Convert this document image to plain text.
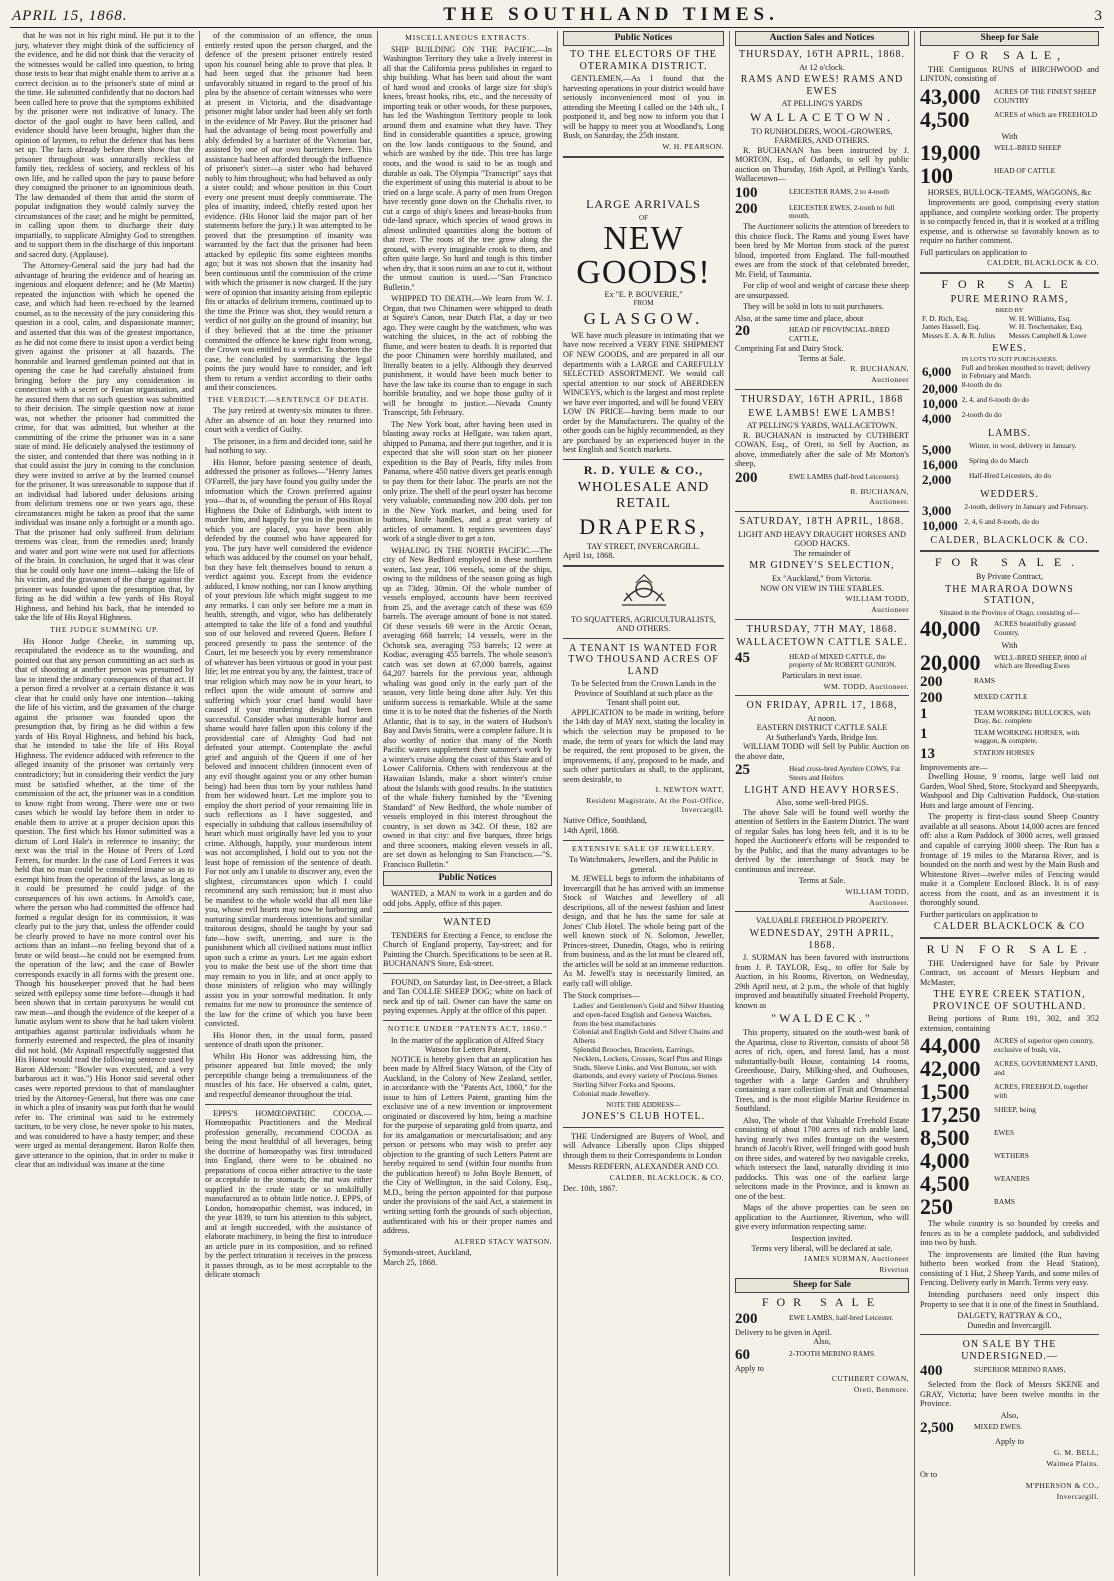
APRIL 15, 1868.	THE SOUTHLAND TIMES.	3

that he was not in his right mind. He put it to the jury, whatever they might think of the sufficiency of the evidence, and he did not think that the veracity of the witnesses would be called into question, to bring those tests to bear that might enable them to arrive at a correct decision as to the prisoner's state of mind at the time. He submitted confidently that no doctors had been called here to prove that the symptoms exhibited by the prisoner were not indicative of lunacy. The doctor of the gaol ought to have been called, and evidence should have been brought, higher than the opinion of laymen, to rebut the defence that has been set up. The facts already before them show that the prisoner throughout was unnaturally reckless of family ties, reckless of society, and reckless of his own life, and he called upon the jury to pause before they consigned the prisoner to an ignominious death. The law demanded of them that amid the storm of popular indignation they would calmly survey the circumstances of the case; and he might be permitted, in calling upon them to discharge their duty impartially, to supplicate Almighty God to strengthen and to support them in the discharge of this important and sacred duty. (Applause).

The Attorney-General said the jury had had the advantage of hearing the evidence and of hearing an ingenious and eloquent defence; and he (Mr Martin) repeated the injunction with which he opened the case, and which had been re-echoed by the learned counsel, as to the necessity of the jury considering this question in a cool, calm, and dispassionate manner; and asserted that this was of the greatest importance, as he did not come there to insist upon a verdict being given against the prisoner at all hazards. The honorable and learned gentleman pointed out that in opening the case he had carefully abstained from bringing before the jury any consideration in connection with a secret or Fenian organisation, and he assured them that no such question was submitted to their decision. The simple question now at issue was, not whether the prisoner had committed the crime, for that was admitted, but whether at the committing of the crime the prisoner was in a sane state of mind. He delicately analysed the testimony of the sister, and contended that there was nothing in it that could assist the jury in coming to the conclusion they were invited to arrive at by the learned counsel for the prisoner. It was unreasonable to suppose that if an individual had labored under delusions arising from delirium tremens one or two years ago, these circumstances might be taken as proof that the same individual was insane only a fortnight or a month ago. That the prisoner had only suffered from delirium tremens was clear, from the remedies used; brandy and water and port wine were not used for affections of the brain. In conclusion, he urged that it was clear that he could only have one intent—taking the life of his victim, and the gravamen of the charge against the prisoner was founded upon the presumption that, by firing as he did within a few yards of His Royal Highness, and behind his back, that he intended to take the life of His Royal Highness.

THE JUDGE SUMMING UP.

His Honor Judge Cheeke, in summing up, recapitulated the evidence as to the wounding, and pointed out that any person committing an act such as that of shooting at another person was presumed by law to intend the ordinary consequences of that act. If a person fired a revolver at a certain distance it was clear that he could only have one intention—taking the life of his victim, and the gravamen of the charge against the prisoner was founded upon the presumption that, by firing as he did within a few yards of His Royal Highness, and behind his back, that he intended to take the life of His Royal Highness. The evidence adduced with reference to the alleged insanity of the prisoner was certainly very contradictory; but in considering their verdict the jury must be satisfied whether, at the time of the commission of the act, the prisoner was in a condition to know right from wrong. There were one or two cases which he would lay before them in order to enable them to arrive at a proper decision upon this question. The first which his Honor submitted was a dictum of Lord Hale's in reference to insanity; the next was the trial in the House of Peers of Lord Ferrers, for murder. In the case of Lord Ferrers it was held that no man could be considered insane so as to exempt him from the operation of the laws, as long as it could be presumed he could judge of the consequences of his own actions. In Arnold's case, where the person who had committed the offence had formed a regular design for its commission, it was clearly put to the jury that, unless the offender could be clearly proved to have no more control over his actions than an infant—no feeling beyond that of a brute or wild beast—he could not be exempted from the operation of the law; and the case of Bowler corresponds exactly in all forms with the present one. Though his housekeeper proved that he had been seized with epilepsy some time before—though it had been shown that in certain paroxysms he would cut raw meat—and though the evidence of the keeper of a lunatic asylum went to show that he had taken violent antipathies against particular individuals whom he formerly esteemed and respected, the plea of insanity did not hold. (Mr Aspinall respectfully suggested that His Honor would read the following sentence used by Baron Alderson: "Bowler was executed, and a very barbarous act it was.") His Honor said several other cases were reported previous to that of manslaughter tried by the Attorney-General, but there was one case in which a plea of insanity was put forth that he would refer to. The criminal was said to be extremely taciturn, to be very close, he never spoke to his mates, and was considered to have a hasty temper; and these were urged as mental derangement. Baron Rolfe then gave utterance to the opinion, that in order to make it clear that an individual was insane at the time

of the commission of an offence, the onus entirely rested upon the person charged, and the defence of the present prisoner entirely rested upon his counsel being able to prove that plea. It had been urged that the prisoner had been unfavorably situated in regard to the proof of his plea by the absence of certain witnesses who were at present in Victoria, and the disadvantage prisoner might labor under had been ably set forth in the evidence of Mr Pavey. But the prisoner had had the advantage of being most powerfully and ably defended by a barrister of the Victorian bar, assisted by one of our own barristers here. This assistance had been afforded through the influence of prisoner's sister—a sister who had behaved nobly to him throughout; who had behaved as only a sister could; and whose position in this Court every one present must deeply commiserate. The plea of insanity, indeed, chiefly rested upon her evidence. (His Honor laid the major part of her statements before the jury.) It was attempted to be proved that the presumption of insanity was warranted by the fact that the prisoner had been attacked by epileptic fits some eighteen months ago; but it was not shown that the insanity had been continuous until the commission of the crime with which the prisoner is now charged. If the jury were of opinion that insanity arising from epileptic fits or attacks of delirium tremens, continued up to the time the Prince was shot, they would return a verdict of not guilty on the ground of insanity; but if they believed that at the time the prisoner committed the offence he knew right from wrong, the Crown was entitled to a verdict. To shorten the case, he concluded by summarising the legal points the jury would have to consider, and left them to return a verdict according to their oaths and their consciences.

THE VERDICT.—SENTENCE OF DEATH.

The jury retired at twenty-six minutes to three. After an absence of an hour they returned into court with a verdict of Guilty.

The prisoner, in a firm and decided tone, said he had nothing to say.

His Honor, before passing sentence of death, addressed the prisoner as follows—"Henry James O'Farrell, the jury have found you guilty under the information which the Crown preferred against you—that is, of wounding the person of His Royal Highness the Duke of Edinburgh, with intent to murder him, and happily for you in the position in which you are placed, you have been ably defended by the counsel who have appeared for you. The jury have well considered the evidence which was adduced by the counsel on your behalf, but they have felt themselves bound to return a verdict against you. Except from the evidence adduced, I know nothing, nor can I know anything of your previous life which might suggest to me any remarks. I can only see before me a man in health, strength, and vigor, who has deliberately attempted to take the life of a fond and youthful son of our beloved and revered Queen. Before I proceed presently to pass the sentence of the Court, let me beseech you by every remembrance of whatever has been virtuous or good in your past life; let me entreat you by any, the faintest, trace of true religion which may now be in your heart, to reflect upon the wide amount of sorrow and suffering which your cruel hand would have caused if your murdering design had been successful. Consider what unutterable horror and shame would have fallen upon this colony if the providential care of Almighty God had not defeated your attempt. Contemplate the awful grief and anguish of the Queen if one of her beloved and innocent children (innocent even of any evil thought against you or any other human being) had been thus torn by your ruthless hand from her widowed heart. Let me implore you to employ the short period of your remaining life in such reflections as I have suggested, and especially in subduing that callous insensibility of heart which must originally have led you to your crime. Although, happily, your murderous intent was not accomplished, I hold out to you not the least hope of remission of the sentence of death. For not only am I unable to discover any, even the slightest, circumstances upon which I could recommend any such remission; but it must also be manifest to the whole world that all men like you, whose evil hearts may now be harboring and nurturing similar murderous intentions and similar traitorous designs, should be taught by your sad fate—how swift, unerring, and sure is the punishment which all civilised nations must inflict upon such a crime as yours. Let me again exhort you to make the best use of the short time that may remain to you in life, and at once apply to those ministers of religion who may willingly assist you in your sorrowful meditation. It only remains for me now to pronounce the sentence of the law for the crime of which you have been convicted.

His Honor then, in the usual form, passed sentence of death upon the prisoner.

Whilst His Honor was addressing him, the prisoner appeared but little moved; the only perceptible change being a tremulousness of the muscles of his face. He observed a calm, quiet, and respectful demeanor throughout the trial.

EPPS'S HOMŒOPATHIC COCOA.— Homœopathic Practitioners and the Medical profession generally, recommend COCOA as being the most healthful of all beverages, being the doctrine of homœopathy was first introduced into England, there were to be obtained no preparations of cocoa either attractive to the taste or acceptable to the stomach; the nut was either supplied in the crude state or so unskilfully manufactured as to obtain little notice. J. EPPS, of London, homœopathic chemist, was induced, in the year 1839, to turn his attention to this subject, and at length succeeded, with the assistance of elaborate machinery, in being the first to introduce an article pure in its composition, and so refined by the perfect trituration it receives in the process it passes through, as to be most acceptable to the delicate stomach

MISCELLANEOUS EXTRACTS.

SHIP BUILDING ON THE PACIFIC.—In Washington Territory they take a lively interest in all that the California press publishes in regard to ship building. What has been said about the want of hard wood and crooks of large size for ship's knees, breast hooks, ribs, etc., and the necessity of importing teak or other woods, for these purposes, has led the Washington Territory people to look around them and examine what they have. They find in considerable quantities a spruce, growing on the low lands contiguous to the Sound, and which are washed by the tide. This tree has large roots, and the wood is said to be as tough and durable as oak. The Olympia "Transcript" says that the experiment of using this material is about to be tried on a large scale. A party of men from Oregon have recently gone down on the Chehalis river, to cut a cargo of ship's knees and breast-hooks from tide-land spruce, which species of wood grows in almost unlimited quantities along the bottom of that river. The roots of the tree grow along the ground, with every imaginable crook to them, and often quite large. So hard and tough is this timber when dry, that it soon ruins an axe to cut it, without the utmost caution is used.—"San Francisco Bulletin."

WHIPPED TO DEATH.—We learn from W. J. Organ, that two Chinamen were whipped to death at Squire's Canon, near Dutch Flat, a day or two ago. They were caught by the watchmen, who was watching the sluices, in the act of robbing the flume, and were beaten to death. It is reported that the poor Chinamen were horribly mutilated, and literally beaten to a jelly. Although they deserved punishment, it would have been much better to have the law take its course than to engage in such horrible brutality, and we hope those guilty of it will be brought to justice.—Nevada County Transcript, 5th February.

The New York boat, after having been used in blasting away rocks at Hellgate, was taken apart, shipped to Panama, and there put together, and it is expected that she will soon start on her pioneer expedition to the Bay of Pearls, fifty miles from Panama, where 450 native divers get pearls enough to pay them for their labor. The pearls are not the only prize. The shell of the pearl oyster has become very valuable, commanding now 200 dols. per ton in the New York market, and being used for buttons, knife handles, and a great variety of articles of ornament. It requires seventeen days' work of a single diver to get a ton.

WHALING IN THE NORTH PACIFIC.—The city of New Bedford employed in these northern waters, last year, 106 vessels, some of the ships, owing to the mildness of the season going as high up as 73deg. 30min. Of the whole number of vessels employed, accounts have been received from 25, and the average catch of these was 659 barrels. The average amount of bone is not stated. Of these vessels 69 were in the Arctic Ocean, averaging 668 barrels; 14 vessels, were in the Ochotsk sea, averaging 753 barrels; 12 were at Kodiac, averaging 455 barrels. The whole season's catch was set down at 67,000 barrels, against 64,207 barrels for the previous year, although whaling was good only in the early part of the season, very little being done after July. Yet this uniform success is remarkable. While at the same time it is to be noted that the fisheries of the North Atlantic, that is to say, in the waters of Hudson's Bay and Davis Straits, were a complete failure. It is also worthy of notice that many of the North Pacific waters supplement their summer's work by a winter's cruise along the coast of this State and of Lower California. Others with rendezvous at the Hawaiian Islands, make a short winter's cruise about the Islands with good results. In the statistics of the whale fishery furnished by the "Evening Standard" of New Bedford, the whole number of vessels employed in this interest throughout the country, is set down as 342. Of these, 182 are owned in that city: and five barques, three brigs and three scooners, making eleven vessels in all, are set down as belonging to San Francisco.—"S. Francisco Bulletin."

Public Notices

WANTED, a MAN to work in a garden and do odd jobs. Apply, office of this paper.

WANTED

TENDERS for Erecting a Fence, to enclose the Church of England property, Tay-street; and for Painting the Church. Specifications to be seen at R. BUCHANAN'S Store, Esk-street.

FOUND, on Saturday last, in Dee-street, a Black and Tan COLLIE SHEEP DOG; white on back of neck and tip of tail. Owner can have the same on paying expenses. Apply at the office of this paper.

NOTICE UNDER "PATENTS ACT, 1860."
In the matter of the application of Alfred Stacy Watson for Letters Patent.

NOTICE is hereby given that an application has been made by Alfred Stacy Watson, of the City of Auckland, in the Colony of New Zealand, settler, in accordance with the "Patents Act, 1860," for the issue to him of Letters Patent, granting him the exclusive use of a new invention or improvement originated or discovered by him, being a machine for the purpose of separating gold from quartz, and for its amalgamation or mercurialisation; and any person or persons who may wish to prefer any objection to the granting of such Letters Patent are hereby required to send (within four months from the publication hereof) to John Boyle Bennett, of the City of Wellington, in the said Colony, Esq., M.D., being the person appointed for that purpose under the provisions of the said Act, a statement in writing setting forth the grounds of such objection, authenticated with his or their proper names and address.

ALFRED STACY WATSON.
Symonds-street, Auckland,
March 25, 1868.
Public Notices
TO THE ELECTORS OF THE OTERAMIKA DISTRICT.

GENTLEMEN,—As I found that the harvesting operations in your district would have seriously inconvenienced most of you in attending the Meeting I called on the 14th ult., I postponed it, and beg now to inform you that I will be happy to meet you at Woodland's, Long Bush, on Saturday, the 25th instant.

W. H. PEARSON.
LARGE ARRIVALS
OF
NEW GOODS!
Ex "E. P. BOUVERIE,"
FROM
GLASGOW.

WE have much pleasure in intimating that we have now received a VERY FINE SHIPMENT OF NEW GOODS, and are prepared in all our departments with a LARGE and CAREFULLY SELECTED ASSORTMENT. We would call special attention to our stock of ABERDEEN WINCEYS, which is the largest and most replete we have ever imported, and will be found VERY LOW IN PRICE—having been made to our order by the Manufacturers. The quality of the other goods can be highly recommended, as they are purchased by an experienced buyer in the best English and Scotch markets.

R. D. YULE & CO.,
WHOLESALE AND RETAIL
DRAPERS,
TAY STREET, INVERCARGILL.
April 1st, 1868.
TO SQUATTERS, AGRICULTURALISTS, AND OTHERS.
A TENANT IS WANTED FOR TWO THOUSAND ACRES OF LAND
To be Selected from the Crown Lands in the Province of Southland at such place as the Tenant shall point out.

APPLICATION to be made in writing, before the 14th day of MAY next, stating the locality in which the selection may be proposed to be made, the term of years for which the land may be required, the rent proposed to be given, the improvements, if any, proposed to be made, and such other particulars as shall, to the applicant, seem desirable, to

I. NEWTON WATT,
Resident Magistrate, At the Post-Office, Invercargill.
Native Office, Southland,
14th April, 1868.
EXTENSIVE SALE OF JEWELLERY.
To Watchmakers, Jewellers, and the Public in general.

M. JEWELL begs to inform the inhabitants of Invercargill that he has arrived with an immense Stock of Watches and Jewellery of all descriptions, all of the newest fashion and latest design, and that he has the same for sale at Jones' Club Hotel. The whole being part of the well known stock of N. Solomon, Jeweller, Princes-street, Dunedin, Otago, who is retiring from business, and as the lot must be cleared off, the articles will be sold at an immense reduction. As M. Jewell's stay is necessarily limited, an early call will oblige.

The Stock comprises—
Ladies' and Gentlemen's Gold and Silver Hunting and open-faced English and Geneva Watches, from the best manufactures
Colonial and English Gold and Silver Chains and Alberts
Splendid Brooches, Bracelets, Earrings, Necklets, Lockets, Crosses, Scarf Pins and Rings
Studs, Sleeve Links, and Vest Buttons, set with diamonds, and every variety of Precious Stones
Sterling Silver Forks and Spoons.
Colonial made Jewellery.
NOTE THE ADDRESS—
JONES'S CLUB HOTEL.

THE Undersigned are Buyers of Wool, and will Advance Liberally upon Clips shipped through them to their Correspondents in London

Messrs REDFERN, ALEXANDER AND CO.
CALDER, BLACKLOCK, & CO.
Dec. 10th, 1867.
Auction Sales and Notices
THURSDAY, 16TH APRIL, 1868.
At 12 o'clock.
RAMS AND EWES! RAMS AND EWES
AT PELLING'S YARDS
WALLACETOWN.
TO RUNHOLDERS, WOOL-GROWERS, FARMERS, AND OTHERS.

R. BUCHANAN has been instructed by J. MORTON, Esq., of Oatlands, to sell by public auction on Thursday, 16th April, at Pelling's Yards, Wallacetown—

100	LEICESTER RAMS, 2 to 4-tooth
200	LEICESTER EWES, 2-tooth to full mouth.

The Auctioneer solicits the attention of breeders to this choice flock. The Rams and young Ewes have been bred by Mr Morton from stock of the purest blood, imported from England. The full-mouthed ewes are from the stock of that celebrated breeder, Mr. Field, of Tasmania.

For clip of wool and weight of carcase these sheep are unsurpassed.

They will be sold in lots to suit purchasers.

Also, at the same time and place, about
20	HEAD OF PROVINCIAL-BRED CATTLE,
Comprising Fat and Dairy Stock.
Terms at Sale.
R. BUCHANAN,
Auctioneer
THURSDAY, 16TH APRIL, 1868
EWE LAMBS! EWE LAMBS!
AT PELLING'S YARDS, WALLACETOWN.

R. BUCHANAN is instructed by CUTHBERT COWAN, Esq., of Oreti, to Sell by Auction, as above, immediately after the sale of Mr Morton's sheep,

200	EWE LAMBS (half-bred Leicesters).
R. BUCHANAN,
Auctioneer.
SATURDAY, 18TH APRIL, 1868.
LIGHT AND HEAVY DRAUGHT HORSES AND GOOD HACKS.
The remainder of
MR GIDNEY'S SELECTION,
Ex "Auckland," from Victoria.
NOW ON VIEW IN THE STABLES.
WILLIAM TODD,
Auctioneer
THURSDAY, 7TH MAY, 1868.
WALLACETOWN CATTLE SALE.
45	HEAD of MIXED CATTLE, the property of Mr ROBERT GUNION.
Particulars in next issue.
WM. TODD, Auctioneer.
ON FRIDAY, APRIL 17, 1868,
At noon.
EASTERN DISTRICT CATTLE SALE
At Sutherland's Yards, Bridge Inn.

WILLIAM TODD will Sell by Public Auction on the above date,

25	Head cross-bred Ayrshire COWS, Fat Steers and Heifers
LIGHT AND HEAVY HORSES.
Also, some well-bred PIGS.

The above Sale will be found well worthy the attention of Settlers in the Eastern District. The want of regular Sales has long been felt, and it is to be hoped the Auctioneer's efforts will be responded to by the Public, and that the many advantages to be derived by the interchange of Stock may be continuous and increase.

Terms at Sale.
WILLIAM TODD,
Auctioneer.
VALUABLE FREEHOLD PROPERTY.
WEDNESDAY, 29TH APRIL, 1868.

J. SURMAN has been favored with instructions from J. P. TAYLOR, Esq., to offer for Sale by Auction, in his Rooms, Riverton, on Wednesday, 29th April next, at 2 p.m., the whole of that highly improved and beautifully situated Freehold Property, known as

"WALDECK."

This property, situated on the south-west bank of the Aparima, close to Riverton, consists of about 58 acres of rich, open, and forest land, has a most substantially-built House, containing 14 rooms, Greenhouse, Dairy, Milking-shed, and Outhouses, together with a large Garden and shrubbery containing a rare collection of Fruit and Ornamental Trees, and is the most eligible Marine Residence in Southland.

Also, The whole of that Valuable Freehold Estate consisting of about 1700 acres of rich arable land, having nearly two miles frontage on the western branch of Jacob's River, well fringed with good bush on three sides, and watered by two navigable creeks, which intersect the land, naturally dividing it into paddocks. This was one of the earliest large selections made in the Province, and is known as one of the best.

Maps of the above properties can be seen on application to the Auctioneer, Riverton, who will give every information respecting same.

Inspection invited.
Terms very liberal, will be declared at sale.
JAMES SURMAN, Auctioneer
Riverton
Sheep for Sale
FOR SALE
200	EWE LAMBS, half-bred Leicester.
Delivery to be given in April.
Also,
60	2-TOOTH MERINO RAMS.
Apply to
CUTHBERT COWAN,
Oreti, Benmore.
Sheep for Sale
FOR SALE,

THE Contiguous RUNS of BIRCHWOOD and LINTON, consisting of

43,000	ACRES OF THE FINEST SHEEP COUNTRY
4,500	ACRES of which are FREEHOLD
With
19,000	WELL-BRED SHEEP
100	HEAD OF CATTLE
HORSES, BULLOCK-TEAMS, WAGGONS, &c

Improvements are good, comprising every station appliance, and complete working order. The property is so compactly fenced in, that it is worked at a trifling expense, and is otherwise so favorably known as to require no further comment.

Full particulars on application to
CALDER, BLACKLOCK & CO.
FOR SALE
PURE MERINO RAMS,
BRED BY
F. D. Rich, Esq.	W. H. Williams, Esq.
James Hassell, Esq.	W. H. Teschemaker, Esq.
Messrs E. A. & R. Julius	Messrs Campbell & Lowe
EWES.
IN LOTS TO SUIT PURCHASERS.
6,000	Full and broken mouthed to travel; delivery in February and March.
20,000	8-tooth do do
10,000	2, 4, and 6-tooth do do
4,000	2-tooth do do
LAMBS.
5,000	Winter, in wool, delivery in January.
16,000	Spring do do March
2,000	Half-Bred Leicesters, do do
WEDDERS.
3,000	2-tooth, delivery in January and February.
10,000	2, 4, 6 and 8-tooth, do do
CALDER, BLACKLOCK & CO.
FOR SALE.
By Private Contract,
THE MARAROA DOWNS STATION,
Situated in the Province of Otago, consisting of—
40,000	ACRES beautifully grassed Country.
With
20,000	WELL-BRED SHEEP, 8000 of which are Breeding Ewes
200	RAMS
200	MIXED CATTLE
1	TEAM WORKING BULLOCKS, with Dray, &c. complete
1	TEAM WORKING HORSES, with waggon, & complete.
13	STATION HORSES
Improvements are—

Dwelling House, 9 rooms, large well laid out Garden, Wool Shed, Store, Stockyard and Sheepyards, Washpool and Dip Cultivation Paddock, Out-station Huts and large amount of Fencing.

The property is first-class sound Sheep Country available at all seasons. About 14,000 acres are fenced off: also a Ram Paddock of 3000 acres, well grassed and capable of carrying 3000 sheep. The Run has a frontage of 19 miles to the Mararoa River, and is bounded on the north and west by the Main Bush and Whitestone River—twelve miles of Fencing would make it a Complete Enclosed Block. It is of easy access from the coast, and as an investment it is thoroughly sound.

Further particulars on application to
CALDER BLACKLOCK & CO
RUN FOR SALE.

THE Undersigned have for Sale by Private Contract, on account of Messrs Hepburn and McMaster,

THE EYRE CREEK STATION, PROVINCE OF SOUTHLAND.

Being portions of Runs 191, 302, and 352 extension, containing

44,000	ACRES of superior open country, exclusive of bush, viz,
42,000	ACRES, GOVERNMENT LAND, and
1,500	ACRES, FREEHOLD, together with
17,250	SHEEP, being
8,500	EWES
4,000	WETHERS
4,500	WEANERS
250	RAMS

The whole country is so bounded by creeks and fences as to be a complete paddock, and subdivided into two by bush.

The improvements are limited (the Run having hitherto been worked from the Head Station), consisting of 1 Hut, 2 Sheep Yards, and some miles of Fencing. Delivery early in March. Terms very easy.

Intending purchasers need only inspect this Property to see that it is one of the finest in Southland.

DALGETY, RATTRAY & CO.,
Dunedin and Invercargill.
ON SALE BY THE UNDERSIGNED.—
400	SUPERIOR MERINO RAMS,

Selected from the flock of Messrs SKENE and GRAY, Victoria; have been twelve months in the Province.

Also,
2,500	MIXED EWES.
Apply to
G. M. BELL,
Waimea Plains.
Or to
M'PHERSON & CO.,
Invercargill.
